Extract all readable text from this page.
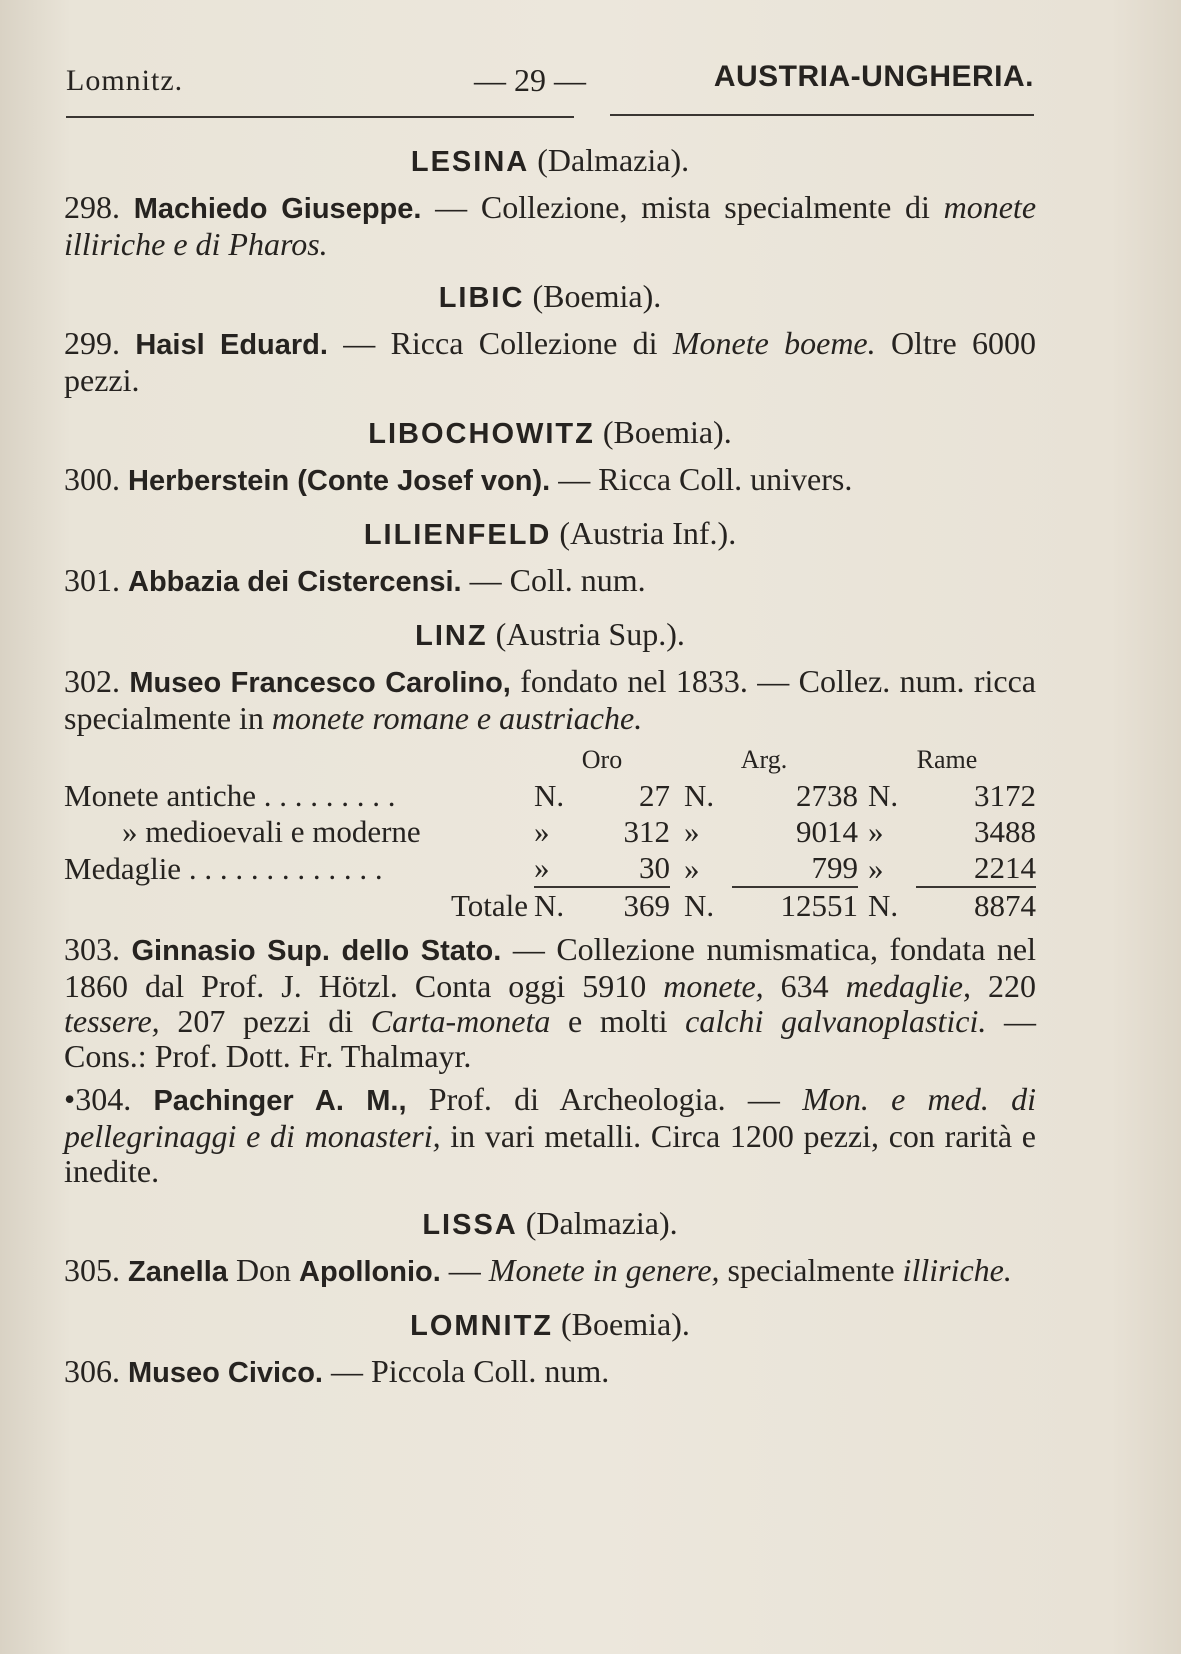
Lomnitz.	— 29 —	AUSTRIA-UNGHERIA.

LESINA (Dalmazia).

298. Machiedo Giuseppe. — Collezione, mista specialmente di monete illiriche e di Pharos.

LIBIC (Boemia).

299. Haisl Eduard. — Ricca Collezione di Monete boeme. Oltre 6000 pezzi.

LIBOCHOWITZ (Boemia).

300. Herberstein (Conte Josef von). — Ricca Coll. univers.

LILIENFELD (Austria Inf.).

301. Abbazia dei Cistercensi. — Coll. num.

LINZ (Austria Sup.).

302. Museo Francesco Carolino, fondato nel 1833. — Collez. num. ricca specialmente in monete romane e austriache.

	Oro		Arg.		Rame	
Monete antiche . . . . . . . . .	N.	27	N.	2738	N.	3172
» medioevali e moderne	»	312	»	9014	»	3488
Medaglie . . . . . . . . . . . . .	»	30	»	799	»	2214
Totale	N.	369	N.	12551	N.	8874

303. Ginnasio Sup. dello Stato. — Collezione numismatica, fondata nel 1860 dal Prof. J. Hötzl. Conta oggi 5910 monete, 634 medaglie, 220 tessere, 207 pezzi di Carta-moneta e molti calchi galvanoplastici. — Cons.: Prof. Dott. Fr. Thalmayr.

•304. Pachinger A. M., Prof. di Archeologia. — Mon. e med. di pellegrinaggi e di monasteri, in vari metalli. Circa 1200 pezzi, con rarità e inedite.

LISSA (Dalmazia).

305. Zanella Don Apollonio. — Monete in genere, specialmente illiriche.

LOMNITZ (Boemia).

306. Museo Civico. — Piccola Coll. num.
